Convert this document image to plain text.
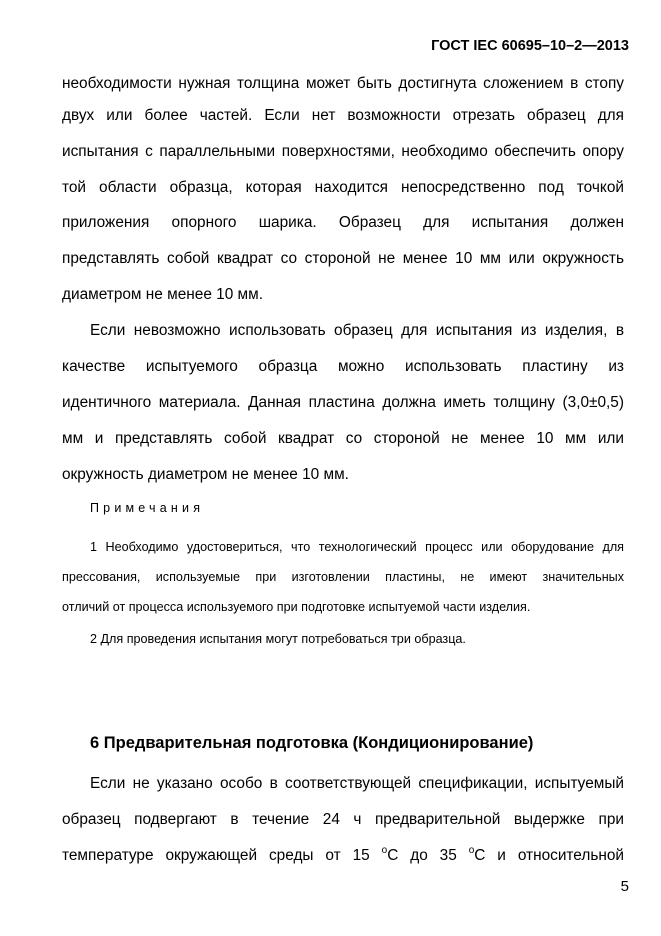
ГОСТ IEC 60695–10–2—2013
необходимости нужная толщина может быть достигнута сложением в стопу
двух или более частей. Если нет возможности отрезать образец для
испытания с параллельными поверхностями, необходимо обеспечить опору
той области образца, которая находится непосредственно под точкой
приложения опорного шарика. Образец для испытания должен
представлять собой квадрат со стороной не менее 10 мм или окружность
диаметром не менее 10 мм.
Если невозможно использовать образец для испытания из изделия, в
качестве испытуемого образца можно использовать пластину из
идентичного материала. Данная пластина должна иметь толщину (3,0±0,5)
мм и представлять собой квадрат со стороной не менее 10 мм или
окружность диаметром не менее 10 мм.
Примечания
1 Необходимо удостовериться, что технологический процесс или оборудование для
прессования, используемые при изготовлении пластины, не имеют значительных
отличий от процесса используемого при подготовке испытуемой части изделия.
2 Для проведения испытания могут потребоваться три образца.
6 Предварительная подготовка (Кондиционирование)
Если не указано особо в соответствующей спецификации, испытуемый
образец подвергают в течение 24 ч предварительной выдержке при
температуре окружающей среды от 15 $^о$С до 35 $^о$С и относительной
5
